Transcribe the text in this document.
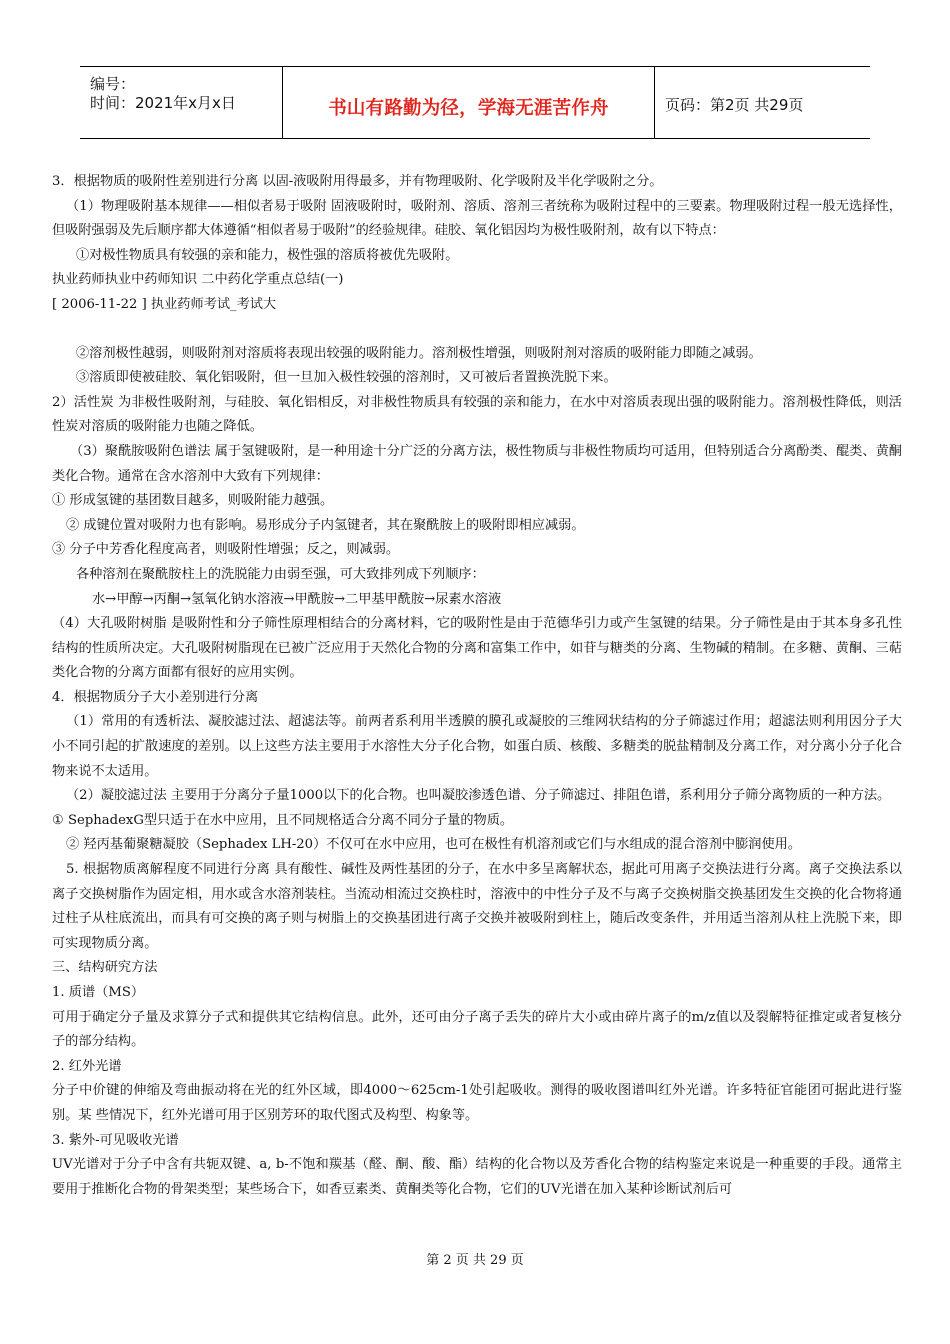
编号：
时间：2021年x月x日	书山有路勤为径，学海无涯苦作舟	页码：第2页 共29页

3．根据物质的吸附性差别进行分离 以固-液吸附用得最多，并有物理吸附、化学吸附及半化学吸附之分。

（1）物理吸附基本规律——相似者易于吸附 固液吸附时，吸附剂、溶质、溶剂三者统称为吸附过程中的三要素。物理吸附过程一般无选择性，但吸附强弱及先后顺序都大体遵循“相似者易于吸附”的经验规律。硅胶、氧化铝因均为极性吸附剂，故有以下特点：

①对极性物质具有较强的亲和能力，极性强的溶质将被优先吸附。

执业药师执业中药师知识 二中药化学重点总结(一)

[ 2006-11-22 ] 执业药师考试_考试大

②溶剂极性越弱，则吸附剂对溶质将表现出较强的吸附能力。溶剂极性增强，则吸附剂对溶质的吸附能力即随之减弱。

③溶质即使被硅胶、氧化铝吸附，但一旦加入极性较强的溶剂时，又可被后者置换洗脱下来。

2）活性炭 为非极性吸附剂，与硅胶、氧化铝相反，对非极性物质具有较强的亲和能力，在水中对溶质表现出强的吸附能力。溶剂极性降低，则活性炭对溶质的吸附能力也随之降低。

（3）聚酰胺吸附色谱法 属于氢键吸附，是一种用途十分广泛的分离方法，极性物质与非极性物质均可适用，但特别适合分离酚类、醌类、黄酮类化合物。通常在含水溶剂中大致有下列规律：

① 形成氢键的基团数目越多，则吸附能力越强。

② 成键位置对吸附力也有影响。易形成分子内氢键者，其在聚酰胺上的吸附即相应减弱。

③ 分子中芳香化程度高者，则吸附性增强；反之，则减弱。

各种溶剂在聚酰胺柱上的洗脱能力由弱至强，可大致排列成下列顺序：

水→甲醇→丙酮→氢氧化钠水溶液→甲酰胺→二甲基甲酰胺→尿素水溶液

（4）大孔吸附树脂 是吸附性和分子筛性原理相结合的分离材料，它的吸附性是由于范德华引力或产生氢键的结果。分子筛性是由于其本身多孔性结构的性质所决定。大孔吸附树脂现在已被广泛应用于天然化合物的分离和富集工作中，如苷与糖类的分离、生物碱的精制。在多糖、黄酮、三萜类化合物的分离方面都有很好的应用实例。

4．根据物质分子大小差别进行分离

（1）常用的有透析法、凝胶滤过法、超滤法等。前两者系利用半透膜的膜孔或凝胶的三维网状结构的分子筛滤过作用；超滤法则利用因分子大小不同引起的扩散速度的差别。以上这些方法主要用于水溶性大分子化合物，如蛋白质、核酸、多糖类的脱盐精制及分离工作，对分离小分子化合物来说不太适用。

（2）凝胶滤过法 主要用于分离分子量1000以下的化合物。也叫凝胶渗透色谱、分子筛滤过、排阻色谱，系利用分子筛分离物质的一种方法。

① SephadexG型只适于在水中应用，且不同规格适合分离不同分子量的物质。

② 羟丙基葡聚糖凝胶（Sephadex LH-20）不仅可在水中应用，也可在极性有机溶剂或它们与水组成的混合溶剂中膨润使用。

5. 根据物质离解程度不同进行分离 具有酸性、碱性及两性基团的分子，在水中多呈离解状态，据此可用离子交换法进行分离。离子交换法系以离子交换树脂作为固定相，用水或含水溶剂装柱。当流动相流过交换柱时，溶液中的中性分子及不与离子交换树脂交换基团发生交换的化合物将通过柱子从柱底流出，而具有可交换的离子则与树脂上的交换基团进行离子交换并被吸附到柱上，随后改变条件，并用适当溶剂从柱上洗脱下来，即可实现物质分离。

三、结构研究方法

1. 质谱（MS）

可用于确定分子量及求算分子式和提供其它结构信息。此外，还可由分子离子丢失的碎片大小或由碎片离子的m/z值以及裂解特征推定或者复核分子的部分结构。

2. 红外光谱

分子中价键的伸缩及弯曲振动将在光的红外区域，即4000～625cm-1处引起吸收。测得的吸收图谱叫红外光谱。许多特征官能团可据此进行鉴别。某 些情况下，红外光谱可用于区别芳环的取代图式及构型、构象等。

3. 紫外-可见吸收光谱

UV光谱对于分子中含有共轭双键、a, b-不饱和羰基（醛、酮、酸、酯）结构的化合物以及芳香化合物的结构鉴定来说是一种重要的手段。通常主要用于推断化合物的骨架类型；某些场合下，如香豆素类、黄酮类等化合物，它们的UV光谱在加入某种诊断试剂后可

第 2 页 共 29 页
